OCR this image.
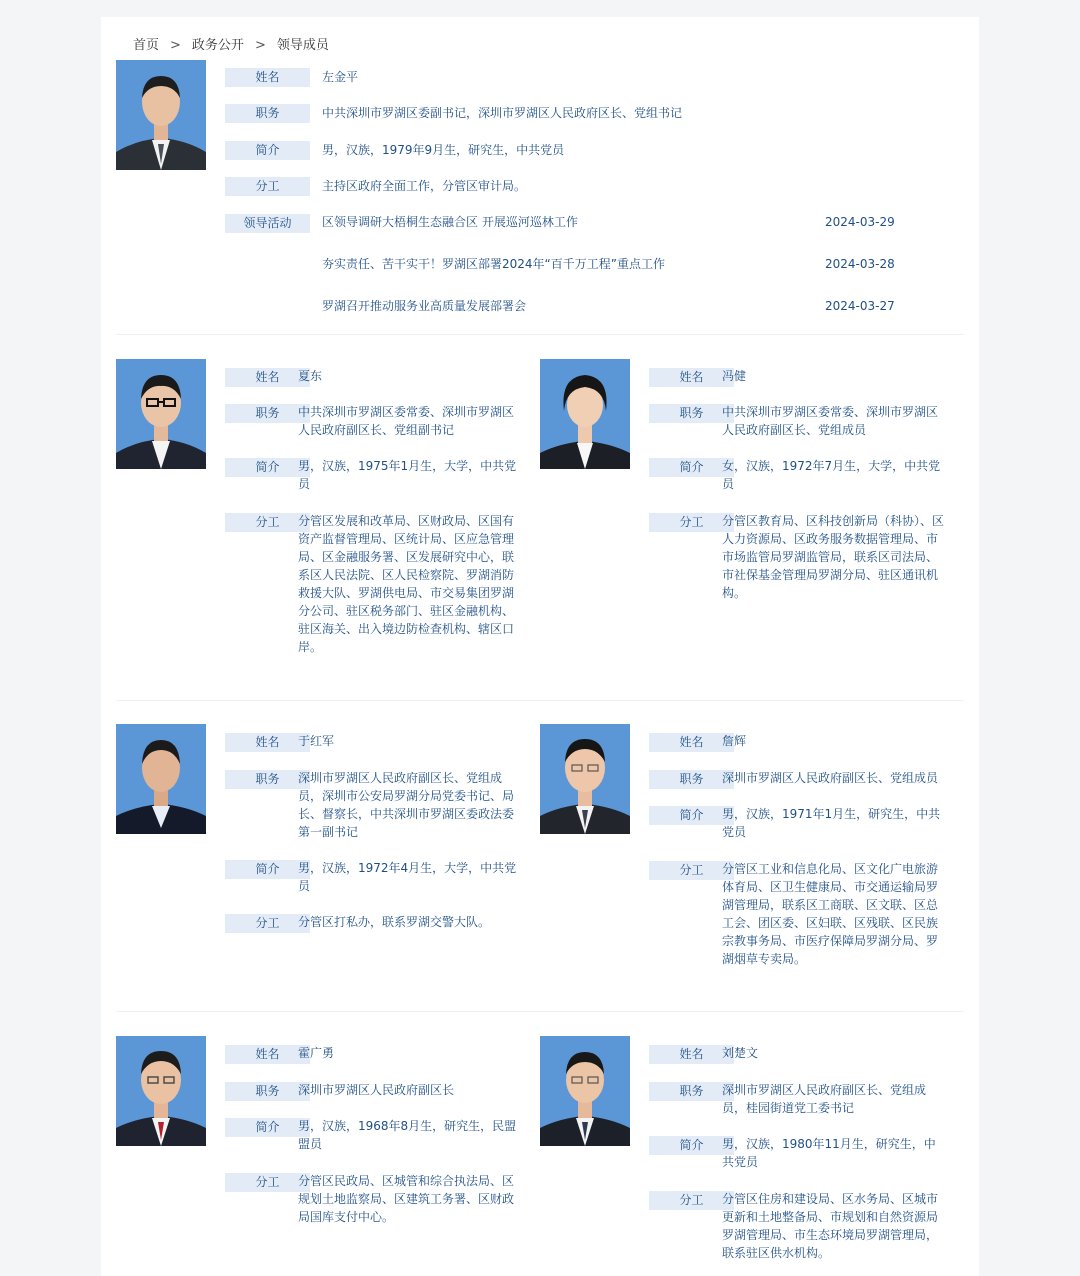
首页 > 政务公开 > 领导成员
姓名	左金平
职务	中共深圳市罗湖区委副书记，深圳市罗湖区人民政府区长、党组书记
简介	男，汉族，1979年9月生，研究生，中共党员
分工	主持区政府全面工作，分管区审计局。
领导活动	区领导调研大梧桐生态融合区 开展巡河巡林工作	2024-03-29
夯实责任、苦干实干！罗湖区部署2024年“百千万工程”重点工作	2024-03-28
罗湖召开推动服务业高质量发展部署会	2024-03-27
姓名	夏东
职务	中共深圳市罗湖区委常委、深圳市罗湖区人民政府副区长、党组副书记
简介	男，汉族，1975年1月生，大学，中共党员
分工	分管区发展和改革局、区财政局、区国有资产监督管理局、区统计局、区应急管理局、区金融服务署、区发展研究中心，联系区人民法院、区人民检察院、罗湖消防救援大队、罗湖供电局、市交易集团罗湖分公司、驻区税务部门、驻区金融机构、驻区海关、出入境边防检查机构、辖区口岸。
姓名	冯健
职务	中共深圳市罗湖区委常委、深圳市罗湖区人民政府副区长、党组成员
简介	女，汉族，1972年7月生，大学，中共党员
分工	分管区教育局、区科技创新局（科协）、区人力资源局、区政务服务数据管理局、市市场监管局罗湖监管局，联系区司法局、市社保基金管理局罗湖分局、驻区通讯机构。
姓名	于红军
职务	深圳市罗湖区人民政府副区长、党组成员，深圳市公安局罗湖分局党委书记、局长、督察长，中共深圳市罗湖区委政法委第一副书记
简介	男，汉族，1972年4月生，大学，中共党员
分工	分管区打私办，联系罗湖交警大队。
姓名	詹辉
职务	深圳市罗湖区人民政府副区长、党组成员
简介	男，汉族，1971年1月生，研究生，中共党员
分工	分管区工业和信息化局、区文化广电旅游体育局、区卫生健康局、市交通运输局罗湖管理局，联系区工商联、区文联、区总工会、团区委、区妇联、区残联、区民族宗教事务局、市医疗保障局罗湖分局、罗湖烟草专卖局。
姓名	霍广勇
职务	深圳市罗湖区人民政府副区长
简介	男，汉族，1968年8月生，研究生，民盟盟员
分工	分管区民政局、区城管和综合执法局、区规划土地监察局、区建筑工务署、区财政局国库支付中心。
姓名	刘楚文
职务	深圳市罗湖区人民政府副区长、党组成员，桂园街道党工委书记
简介	男，汉族，1980年11月生，研究生，中共党员
分工	分管区住房和建设局、区水务局、区城市更新和土地整备局、市规划和自然资源局罗湖管理局、市生态环境局罗湖管理局，联系驻区供水机构。
